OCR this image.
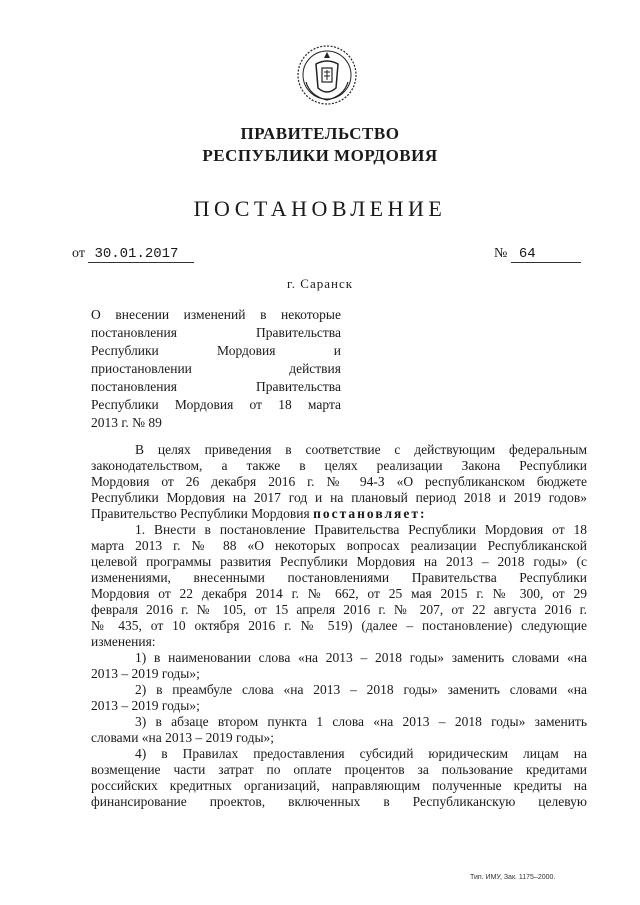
ПРАВИТЕЛЬСТВО
РЕСПУБЛИКИ МОРДОВИЯ
ПОСТАНОВЛЕНИЕ
от 30.01.2017	№ 64
г. Саранск
О внесении изменений в некоторые
постановления Правительства
Республики Мордовия и
приостановлении действия
постановления Правительства
Республики Мордовия от 18 марта
2013 г. № 89
В целях приведения в соответствие с действующим федеральным
законодательством, а также в целях реализации Закона Республики
Мордовия от 26 декабря 2016 г. № 94-З «О республиканском бюджете
Республики Мордовия на 2017 год и на плановый период 2018 и 2019 годов»
Правительство Республики Мордовия постановляет:
1. Внести в постановление Правительства Республики Мордовия от 18
марта 2013 г. № 88 «О некоторых вопросах реализации Республиканской
целевой программы развития Республики Мордовия на 2013 – 2018 годы» (с
изменениями, внесенными постановлениями Правительства Республики
Мордовия от 22 декабря 2014 г. № 662, от 25 мая 2015 г. № 300, от 29
февраля 2016 г. № 105, от 15 апреля 2016 г. № 207, от 22 августа 2016 г.
№ 435, от 10 октября 2016 г. № 519) (далее – постановление) следующие
изменения:
1) в наименовании слова «на 2013 – 2018 годы» заменить словами «на
2013 – 2019 годы»;
2) в преамбуле слова «на 2013 – 2018 годы» заменить словами «на
2013 – 2019 годы»;
3) в абзаце втором пункта 1 слова «на 2013 – 2018 годы» заменить
словами «на 2013 – 2019 годы»;
4) в Правилах предоставления субсидий юридическим лицам на
возмещение части затрат по оплате процентов за пользование кредитами
российских кредитных организаций, направляющим полученные кредиты на
финансирование проектов, включенных в Республиканскую целевую
Тип. ИМУ, Зак. 1175–2000.
